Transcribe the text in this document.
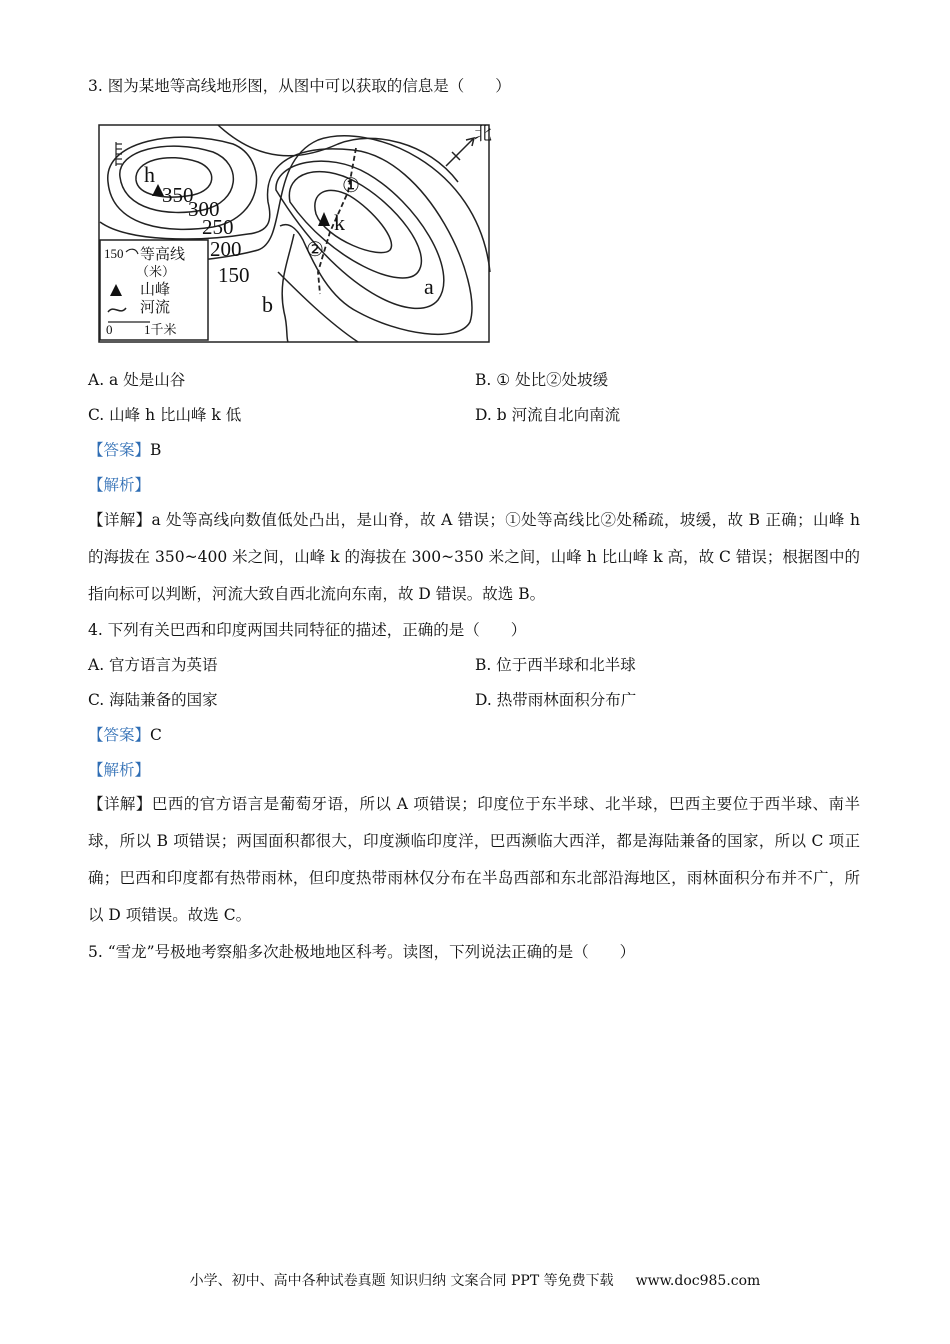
3. 图为某地等高线地形图，从图中可以获取的信息是（　　）
北
h
k
a
b
①
②
350
300
250
200
150
150 等高线
（米）
山峰
河流
0 1千米
A. a 处是山谷	B. ① 处比②处坡缓
C. 山峰 h 比山峰 k 低	D. b 河流自北向南流
【答案】B
【解析】
【详解】a 处等高线向数值低处凸出，是山脊，故 A 错误；①处等高线比②处稀疏，坡缓，故 B 正确；山峰 h 的海拔在 350~400 米之间，山峰 k 的海拔在 300~350 米之间，山峰 h 比山峰 k 高，故 C 错误；根据图中的指向标可以判断，河流大致自西北流向东南，故 D 错误。故选 B。
4. 下列有关巴西和印度两国共同特征的描述，正确的是（　　）
A. 官方语言为英语	B. 位于西半球和北半球
C. 海陆兼备的国家	D. 热带雨林面积分布广
【答案】C
【解析】
【详解】巴西的官方语言是葡萄牙语，所以 A 项错误；印度位于东半球、北半球，巴西主要位于西半球、南半球，所以 B 项错误；两国面积都很大，印度濒临印度洋，巴西濒临大西洋，都是海陆兼备的国家，所以 C 项正确；巴西和印度都有热带雨林，但印度热带雨林仅分布在半岛西部和东北部沿海地区，雨林面积分布并不广，所以 D 项错误。故选 C。
5. “雪龙”号极地考察船多次赴极地地区科考。读图，下列说法正确的是（　　）
小学、初中、高中各种试卷真题 知识归纳 文案合同 PPT 等免费下载 www.doc985.com
